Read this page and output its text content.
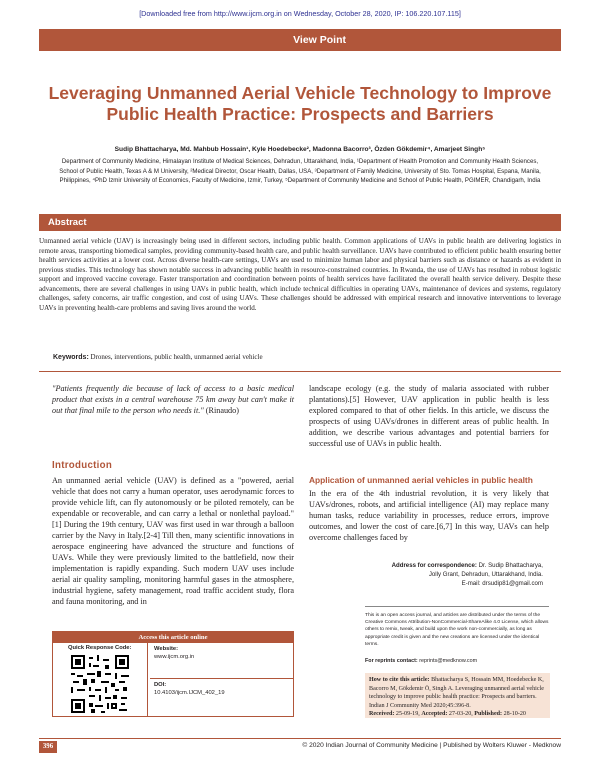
[Downloaded free from http://www.ijcm.org.in on Wednesday, October 28, 2020, IP: 106.220.107.115]
View Point
Leveraging Unmanned Aerial Vehicle Technology to Improve Public Health Practice: Prospects and Barriers
Sudip Bhattacharya, Md. Mahbub Hossain¹, Kyle Hoedebecke², Madonna Bacorro³, Özden Gökdemir⁴, Amarjeet Singh⁵
Department of Community Medicine, Himalayan Institute of Medical Sciences, Dehradun, Uttarakhand, India, ¹Department of Health Promotion and Community Health Sciences, School of Public Health, Texas A & M University, ²Medical Director, Oscar Health, Dallas, USA, ³Department of Family Medicine, University of Sto. Tomas Hospital, Espana, Manila, Philippines, ⁴PhD Izmir University of Economics, Faculty of Medicine, Izmir, Turkey, ⁵Department of Community Medicine and School of Public Health, PGIMER, Chandigarh, India
Abstract

Unmanned aerial vehicle (UAV) is increasingly being used in different sectors, including public health. Common applications of UAVs in public health are delivering logistics in remote areas, transporting biomedical samples, providing community-based health care, and public health surveillance. UAVs have contributed to efficient public health ensuring better health services activities at a lower cost. Across diverse health-care settings, UAVs are used to minimize human labor and physical barriers such as distance or hazards as evident in previous studies. This technology has shown notable success in advancing public health in resource-constrained countries. In Rwanda, the use of UAVs has resulted in robust logistic support and improved vaccine coverage. Faster transportation and coordination between points of health services have facilitated the overall health service delivery. Despite these advancements, there are several challenges in using UAVs in public health, which include technical difficulties in operating UAVs, maintenance of devices and systems, regulatory challenges, safety concerns, air traffic congestion, and cost of using UAVs. These challenges should be addressed with empirical research and innovative interventions to leverage UAVs in preventing health-care problems and saving lives around the world.

Keywords: Drones, interventions, public health, unmanned aerial vehicle

"Patients frequently die because of lack of access to a basic medical product that exists in a central warehouse 75 km away but can't make it out that final mile to the person who needs it." (Rinaudo)

Introduction

An unmanned aerial vehicle (UAV) is defined as a "powered, aerial vehicle that does not carry a human operator, uses aerodynamic forces to provide vehicle lift, can fly autonomously or be piloted remotely, can be expendable or recoverable, and can carry a lethal or nonlethal payload."[1] During the 19th century, UAV was first used in war through a balloon carrier by the Navy in Italy.[2-4] Till then, many scientific innovations in aerospace engineering have advanced the structure and functions of UAVs. While they were previously limited to the battlefield, now their implementation is rapidly expanding. Such modern UAV uses include aerial air quality sampling, monitoring harmful gases in the atmosphere, industrial hygiene, safety management, road traffic accident study, flora and fauna monitoring, and in

Access this article online
Quick Response Code:	Website:
www.ijcm.org.in
DOI:
10.4103/ijcm.IJCM_402_19

landscape ecology (e.g. the study of malaria associated with rubber plantations).[5] However, UAV application in public health is less explored compared to that of other fields. In this article, we discuss the prospects of using UAVs/drones in different areas of public health. In addition, we describe various advantages and potential barriers for successful use of UAVs in public health.

Application of unmanned aerial vehicles in public health

In the era of the 4th industrial revolution, it is very likely that UAVs/drones, robots, and artificial intelligence (AI) may replace many human tasks, reduce variability in processes, reduce errors, improve outcomes, and lower the cost of care.[6,7] In this way, UAVs can help overcome challenges faced by

Address for correspondence: Dr. Sudip Bhattacharya,
Jolly Grant, Dehradun, Uttarakhand, India.
E-mail: drsudip81@gmail.com

This is an open access journal, and articles are distributed under the terms of the Creative Commons Attribution-NonCommercial-ShareAlike 4.0 License, which allows others to remix, tweak, and build upon the work non-commercially, as long as appropriate credit is given and the new creations are licensed under the identical terms.

For reprints contact: reprints@medknow.com
How to cite this article: Bhattacharya S, Hossain MM, Hoedebecke K, Bacorro M, Gökdemir Ö, Singh A. Leveraging unmanned aerial vehicle technology to improve public health practice: Prospects and barriers. Indian J Community Med 2020;45:396-8.
Received: 25-09-19, Accepted: 27-03-20, Published: 28-10-20
396	© 2020 Indian Journal of Community Medicine | Published by Wolters Kluwer - Medknow
